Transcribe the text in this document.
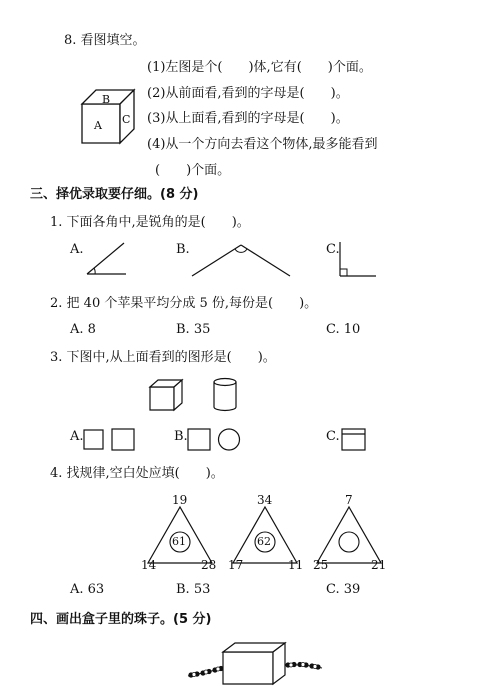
8. 看图填空。
B
A C
(1)左图是个(　　)体,它有(　　)个面。
(2)从前面看,看到的字母是(　　)。
(3)从上面看,看到的字母是(　　)。
(4)从一个方向去看这个物体,最多能看到
(　　)个面。
三、择优录取要仔细。(8 分)
1. 下面各角中,是锐角的是(　　)。
A.	B.	C.
2. 把 40 个苹果平均分成 5 份,每份是(　　)。
A. 8	B. 35	C. 10
3. 下图中,从上面看到的图形是(　　)。
A.	B.	C.
4. 找规律,空白处应填(　　)。
19
61
14	28
34
62
17	11
7
25	21
A. 63	B. 53	C. 39
四、画出盒子里的珠子。(5 分)
